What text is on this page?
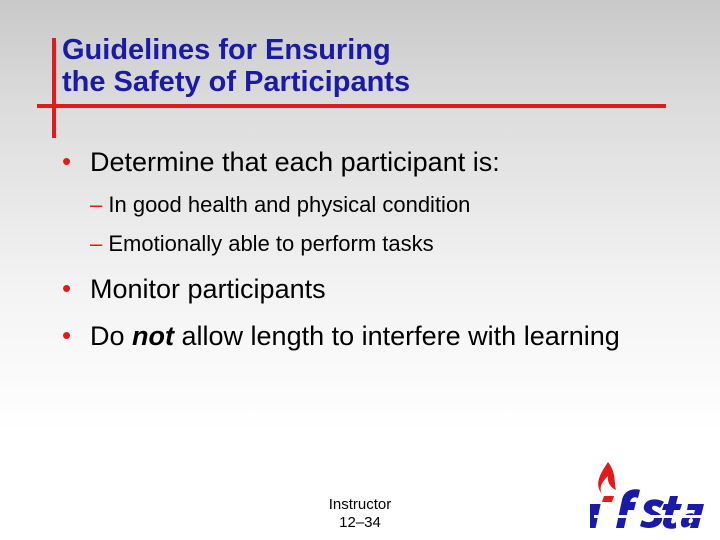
Guidelines for Ensuring
the Safety of Participants
• Determine that each participant is:
– In good health and physical condition
– Emotionally able to perform tasks
• Monitor participants
• Do not allow length to interfere with learning
Instructor
12–34
